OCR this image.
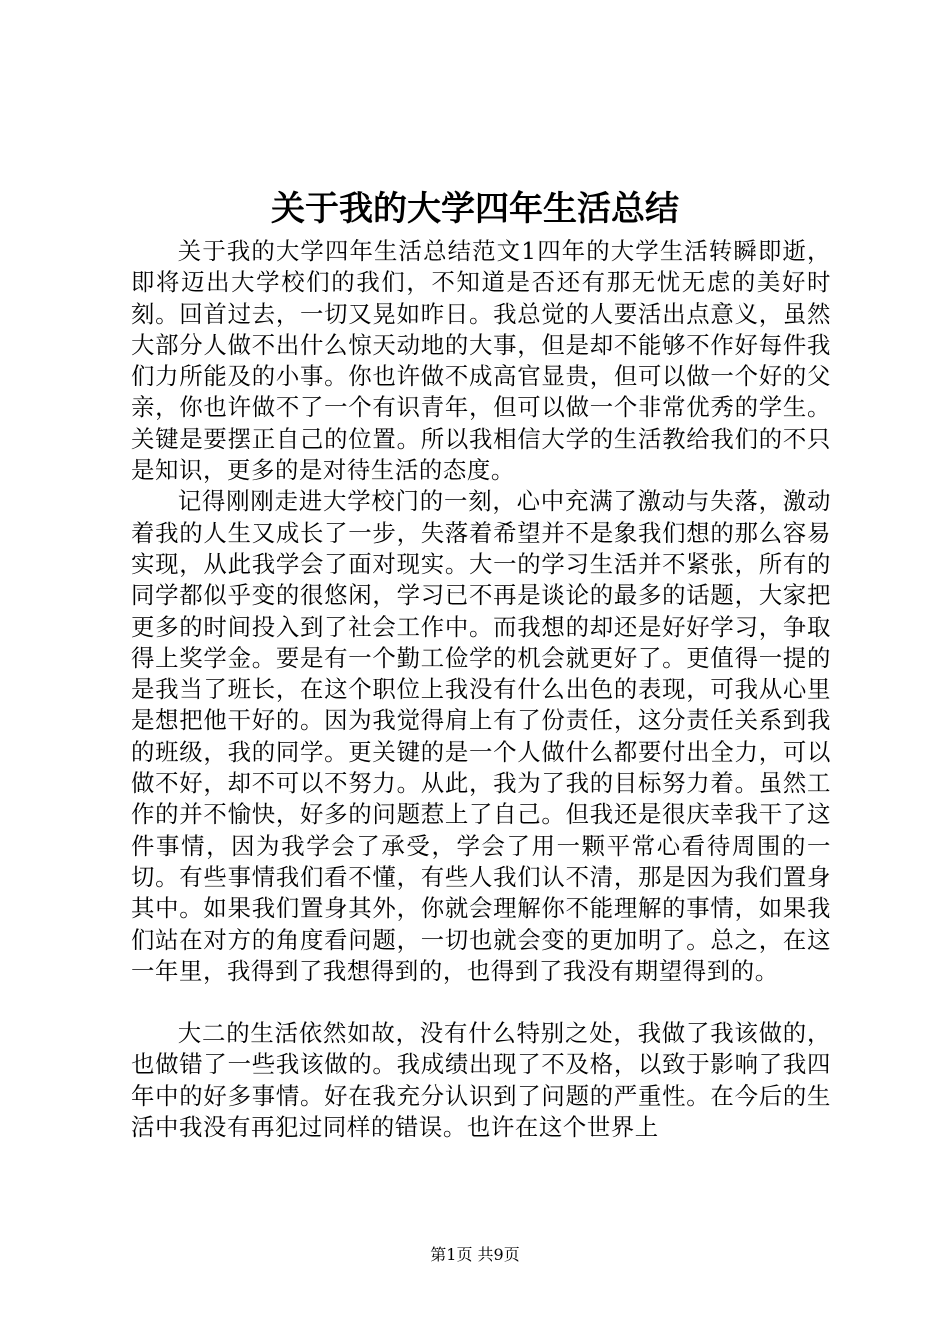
关于我的大学四年生活总结

关于我的大学四年生活总结范文1四年的大学生活转瞬即逝，即将迈出大学校们的我们，不知道是否还有那无忧无虑的美好时刻。回首过去，一切又晃如昨日。我总觉的人要活出点意义，虽然大部分人做不出什么惊天动地的大事，但是却不能够不作好每件我们力所能及的小事。你也许做不成高官显贵，但可以做一个好的父亲，你也许做不了一个有识青年，但可以做一个非常优秀的学生。关键是要摆正自己的位置。所以我相信大学的生活教给我们的不只是知识，更多的是对待生活的态度。

记得刚刚走进大学校门的一刻，心中充满了激动与失落，激动着我的人生又成长了一步，失落着希望并不是象我们想的那么容易实现，从此我学会了面对现实。大一的学习生活并不紧张，所有的同学都似乎变的很悠闲，学习已不再是谈论的最多的话题，大家把更多的时间投入到了社会工作中。而我想的却还是好好学习，争取得上奖学金。要是有一个勤工俭学的机会就更好了。更值得一提的是我当了班长，在这个职位上我没有什么出色的表现，可我从心里是想把他干好的。因为我觉得肩上有了份责任，这分责任关系到我的班级，我的同学。更关键的是一个人做什么都要付出全力，可以做不好，却不可以不努力。从此，我为了我的目标努力着。虽然工作的并不愉快，好多的问题惹上了自己。但我还是很庆幸我干了这件事情，因为我学会了承受，学会了用一颗平常心看待周围的一切。有些事情我们看不懂，有些人我们认不清，那是因为我们置身其中。如果我们置身其外，你就会理解你不能理解的事情，如果我们站在对方的角度看问题，一切也就会变的更加明了。总之，在这一年里，我得到了我想得到的，也得到了我没有期望得到的。

大二的生活依然如故，没有什么特别之处，我做了我该做的，也做错了一些我该做的。我成绩出现了不及格，以致于影响了我四年中的好多事情。好在我充分认识到了问题的严重性。在今后的生活中我没有再犯过同样的错误。也许在这个世界上

第1页 共9页
